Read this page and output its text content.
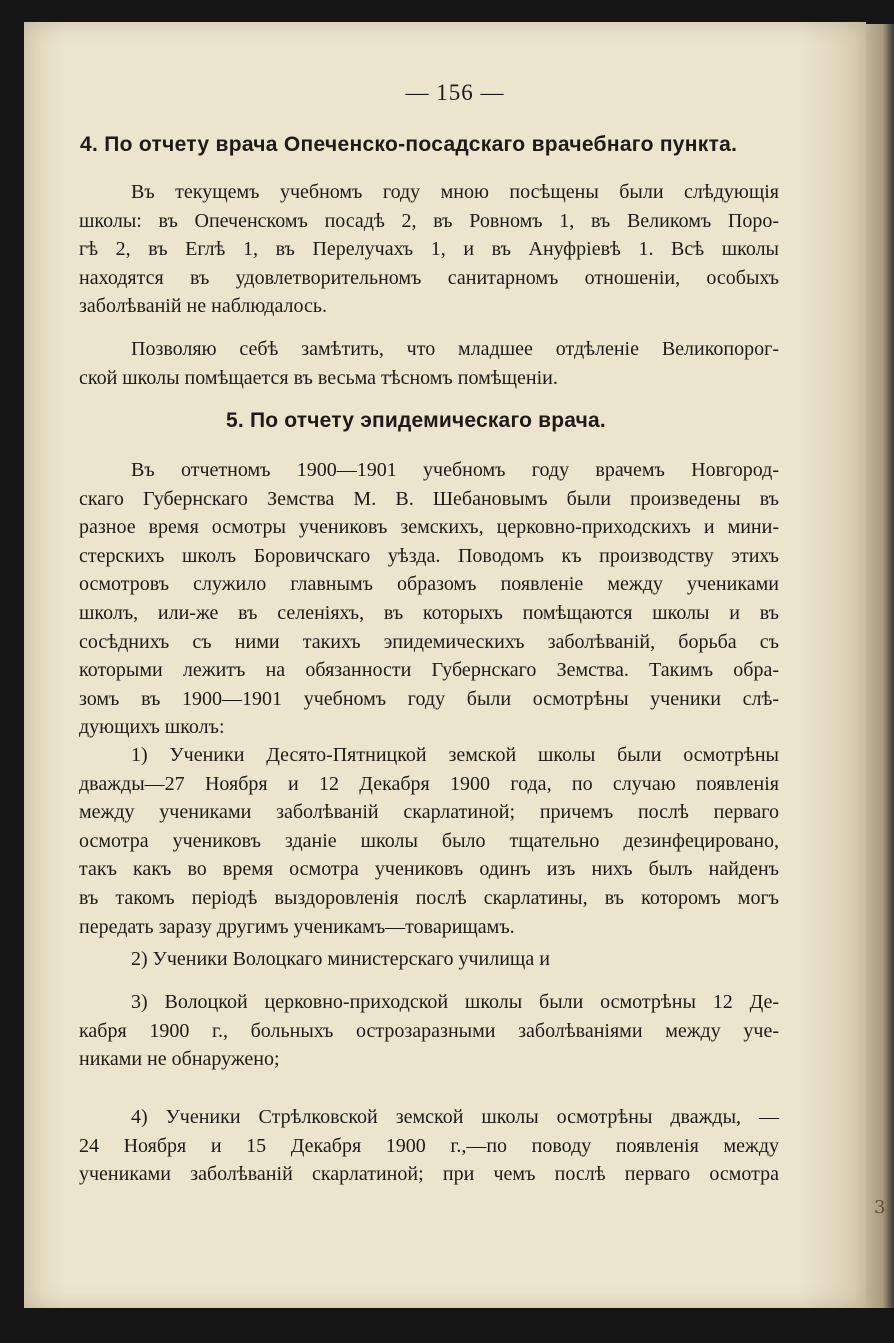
3
— 156 —
4. По отчету врача Опеченско-посадскаго врачебнаго пункта.
Въ текущемъ учебномъ году мною посѣщены были слѣдующія
школы: въ Опеченскомъ посадѣ 2, въ Ровномъ 1, въ Великомъ Поро-
гѣ 2, въ Еглѣ 1, въ Перелучахъ 1, и въ Ануфріевѣ 1. Всѣ школы
находятся въ удовлетворительномъ санитарномъ отношеніи, особыхъ
заболѣваній не наблюдалось.
Позволяю себѣ замѣтить, что младшее отдѣленіе Великопорог-
ской школы помѣщается въ весьма тѣсномъ помѣщеніи.
5. По отчету эпидемическаго врача.
Въ отчетномъ 1900—1901 учебномъ году врачемъ Новгород-
скаго Губернскаго Земства М. В. Шебановымъ были произведены въ
разное время осмотры учениковъ земскихъ, церковно-приходскихъ и мини-
стерскихъ школъ Боровичскаго уѣзда. Поводомъ къ производству этихъ
осмотровъ служило главнымъ образомъ появленіе между учениками
школъ, или-же въ селеніяхъ, въ которыхъ помѣщаются школы и въ
сосѣднихъ съ ними такихъ эпидемическихъ заболѣваній, борьба съ
которыми лежитъ на обязанности Губернскаго Земства. Такимъ обра-
зомъ въ 1900—1901 учебномъ году были осмотрѣны ученики слѣ-
дующихъ школъ:
1) Ученики Десято-Пятницкой земской школы были осмотрѣны
дважды—27 Ноября и 12 Декабря 1900 года, по случаю появленія
между учениками заболѣваній скарлатиной; причемъ послѣ перваго
осмотра учениковъ зданіе школы было тщательно дезинфецировано,
такъ какъ во время осмотра учениковъ одинъ изъ нихъ былъ найденъ
въ такомъ періодѣ выздоровленія послѣ скарлатины, въ которомъ могъ
передать заразу другимъ ученикамъ—товарищамъ.
2) Ученики Волоцкаго министерскаго училища и
3) Волоцкой церковно-приходской школы были осмотрѣны 12 Де-
кабря 1900 г., больныхъ острозаразными заболѣваніями между уче-
никами не обнаружено;
4) Ученики Стрѣлковской земской школы осмотрѣны дважды, —
24 Ноября и 15 Декабря 1900 г.,—по поводу появленія между
учениками заболѣваній скарлатиной; при чемъ послѣ перваго осмотра
